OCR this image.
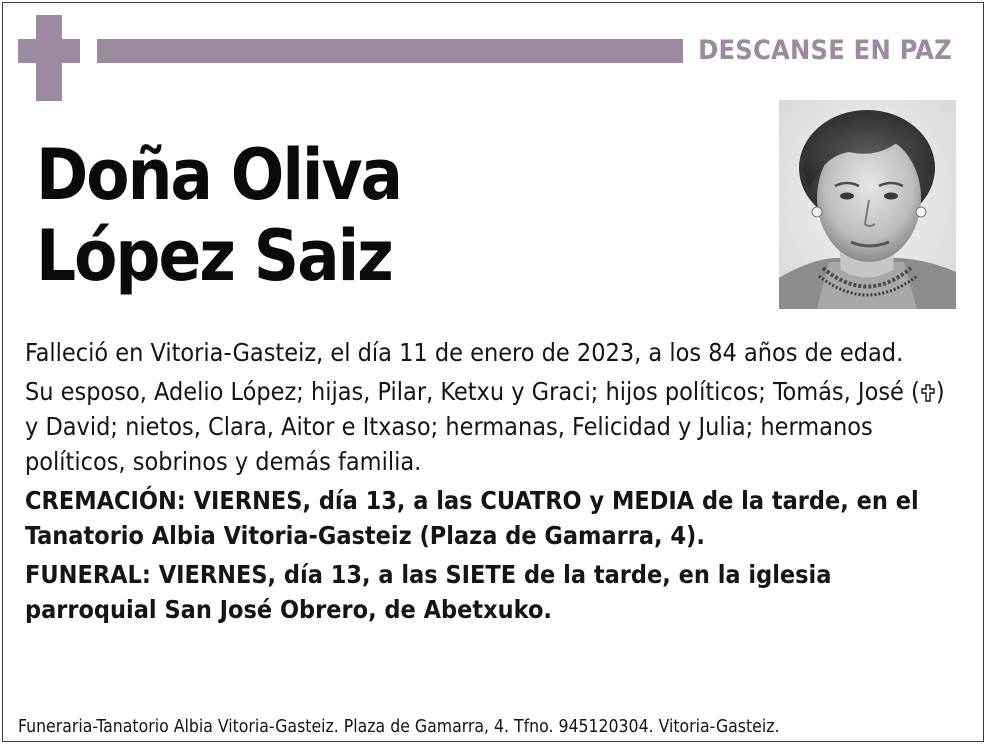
DESCANSE EN PAZ
Doña Oliva
López Saiz

Falleció en Vitoria-Gasteiz, el día 11 de enero de 2023, a los 84 años de edad.

Su esposo, Adelio López; hijas, Pilar, Ketxu y Graci; hijos políticos; Tomás, José ( ) y David; nietos, Clara, Aitor e Itxaso; hermanas, Felicidad y Julia; hermanos políticos, sobrinos y demás familia.

CREMACIÓN: VIERNES, día 13, a las CUATRO y MEDIA de la tarde, en el Tanatorio Albia Vitoria-Gasteiz (Plaza de Gamarra, 4).

FUNERAL: VIERNES, día 13, a las SIETE de la tarde, en la iglesia parroquial San José Obrero, de Abetxuko.

Funeraria-Tanatorio Albia Vitoria-Gasteiz. Plaza de Gamarra, 4. Tfno. 945120304. Vitoria-Gasteiz.
